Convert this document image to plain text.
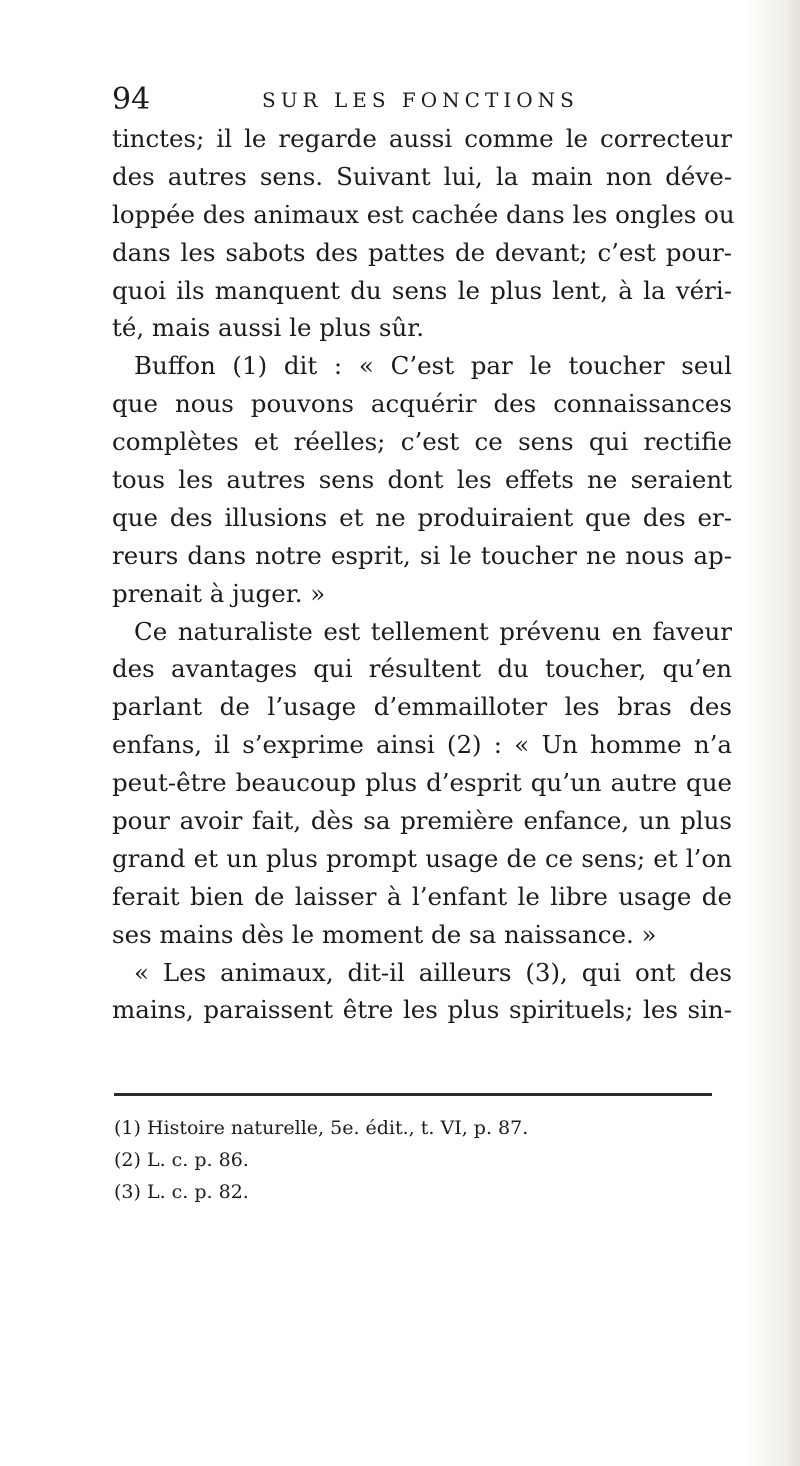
94	SUR LES FONCTIONS
tinctes; il le regarde aussi comme le correcteur
des autres sens. Suivant lui, la main non déve-
loppée des animaux est cachée dans les ongles ou
dans les sabots des pattes de devant; c’est pour-
quoi ils manquent du sens le plus lent, à la véri-
té, mais aussi le plus sûr.
Buffon (1) dit : « C’est par le toucher seul
que nous pouvons acquérir des connaissances
complètes et réelles; c’est ce sens qui rectifie
tous les autres sens dont les effets ne seraient
que des illusions et ne produiraient que des er-
reurs dans notre esprit, si le toucher ne nous ap-
prenait à juger. »
Ce naturaliste est tellement prévenu en faveur
des avantages qui résultent du toucher, qu’en
parlant de l’usage d’emmailloter les bras des
enfans, il s’exprime ainsi (2) : « Un homme n’a
peut-être beaucoup plus d’esprit qu’un autre que
pour avoir fait, dès sa première enfance, un plus
grand et un plus prompt usage de ce sens; et l’on
ferait bien de laisser à l’enfant le libre usage de
ses mains dès le moment de sa naissance. »
« Les animaux, dit-il ailleurs (3), qui ont des
mains, paraissent être les plus spirituels; les sin-
(1) Histoire naturelle, 5e. édit., t. VI, p. 87.
(2) L. c. p. 86.
(3) L. c. p. 82.
